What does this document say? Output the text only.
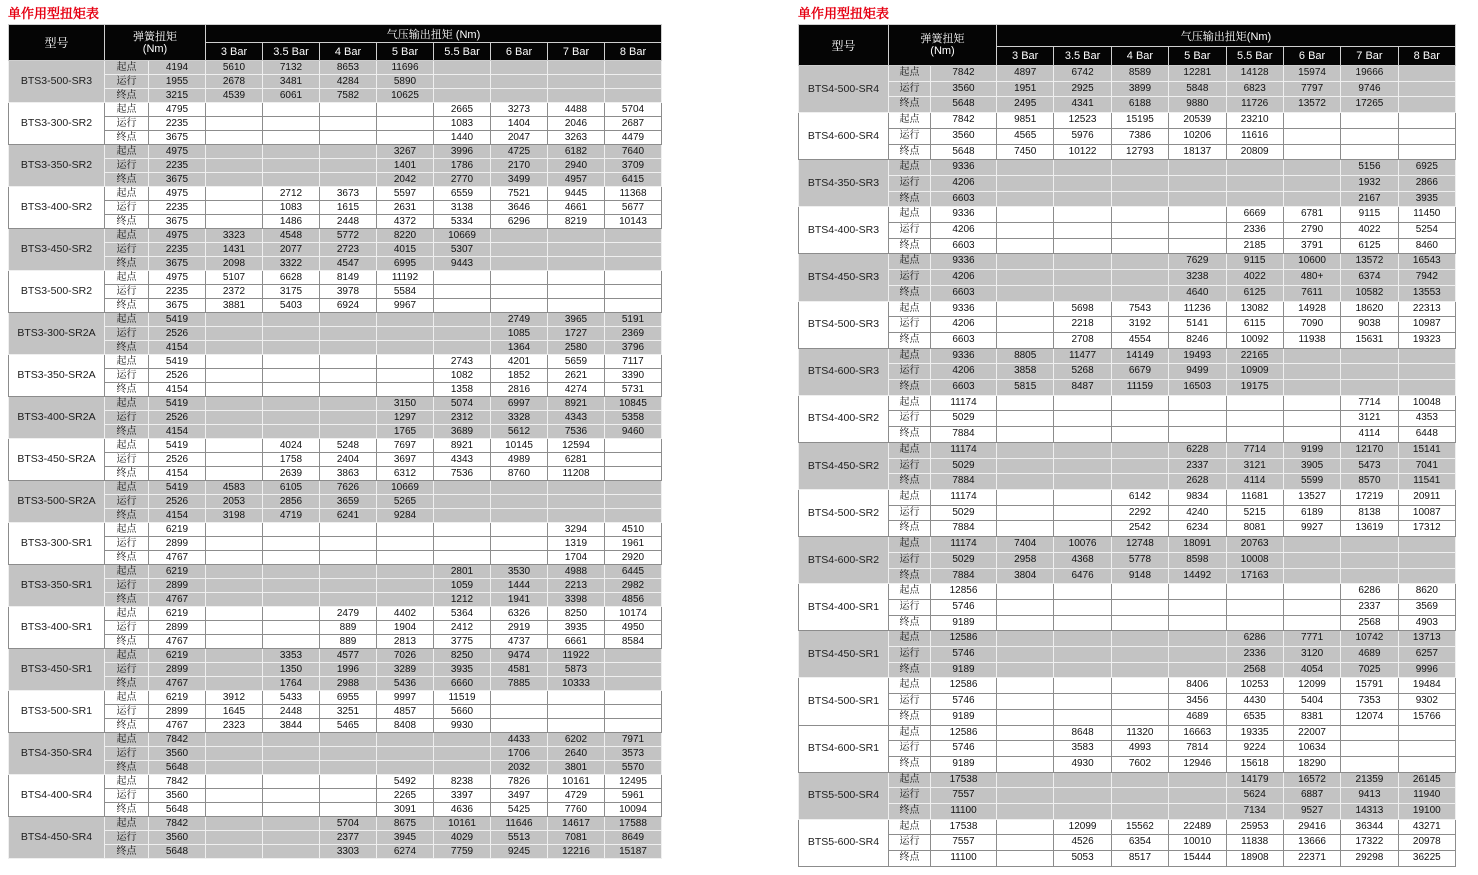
单作用型扭矩表
型号	弹簧扭矩
(Nm)		气压输出扭矩 (Nm)							
			3 Bar	3.5 Bar	4 Bar	5 Bar	5.5 Bar	6 Bar	7 Bar	8 Bar
BTS3-500-SR3	起点	4194	5610	7132	8653	11696				
	运行	1955	2678	3481	4284	5890				
	终点	3215	4539	6061	7582	10625				
BTS3-300-SR2	起点	4795					2665	3273	4488	5704
	运行	2235					1083	1404	2046	2687
	终点	3675					1440	2047	3263	4479
BTS3-350-SR2	起点	4975				3267	3996	4725	6182	7640
	运行	2235				1401	1786	2170	2940	3709
	终点	3675				2042	2770	3499	4957	6415
BTS3-400-SR2	起点	4975		2712	3673	5597	6559	7521	9445	11368
	运行	2235		1083	1615	2631	3138	3646	4661	5677
	终点	3675		1486	2448	4372	5334	6296	8219	10143
BTS3-450-SR2	起点	4975	3323	4548	5772	8220	10669			
	运行	2235	1431	2077	2723	4015	5307			
	终点	3675	2098	3322	4547	6995	9443			
BTS3-500-SR2	起点	4975	5107	6628	8149	11192				
	运行	2235	2372	3175	3978	5584				
	终点	3675	3881	5403	6924	9967				
BTS3-300-SR2A	起点	5419						2749	3965	5191
	运行	2526						1085	1727	2369
	终点	4154						1364	2580	3796
BTS3-350-SR2A	起点	5419					2743	4201	5659	7117
	运行	2526					1082	1852	2621	3390
	终点	4154					1358	2816	4274	5731
BTS3-400-SR2A	起点	5419				3150	5074	6997	8921	10845
	运行	2526				1297	2312	3328	4343	5358
	终点	4154				1765	3689	5612	7536	9460
BTS3-450-SR2A	起点	5419		4024	5248	7697	8921	10145	12594	
	运行	2526		1758	2404	3697	4343	4989	6281	
	终点	4154		2639	3863	6312	7536	8760	11208	
BTS3-500-SR2A	起点	5419	4583	6105	7626	10669				
	运行	2526	2053	2856	3659	5265				
	终点	4154	3198	4719	6241	9284				
BTS3-300-SR1	起点	6219							3294	4510
	运行	2899							1319	1961
	终点	4767							1704	2920
BTS3-350-SR1	起点	6219					2801	3530	4988	6445
	运行	2899					1059	1444	2213	2982
	终点	4767					1212	1941	3398	4856
BTS3-400-SR1	起点	6219			2479	4402	5364	6326	8250	10174
	运行	2899			889	1904	2412	2919	3935	4950
	终点	4767			889	2813	3775	4737	6661	8584
BTS3-450-SR1	起点	6219		3353	4577	7026	8250	9474	11922	
	运行	2899		1350	1996	3289	3935	4581	5873	
	终点	4767		1764	2988	5436	6660	7885	10333	
BTS3-500-SR1	起点	6219	3912	5433	6955	9997	11519			
	运行	2899	1645	2448	3251	4857	5660			
	终点	4767	2323	3844	5465	8408	9930			
BTS4-350-SR4	起点	7842						4433	6202	7971
	运行	3560						1706	2640	3573
	终点	5648						2032	3801	5570
BTS4-400-SR4	起点	7842				5492	8238	7826	10161	12495
	运行	3560				2265	3397	3497	4729	5961
	终点	5648				3091	4636	5425	7760	10094
BTS4-450-SR4	起点	7842			5704	8675	10161	11646	14617	17588
	运行	3560			2377	3945	4029	5513	7081	8649
	终点	5648			3303	6274	7759	9245	12216	15187
单作用型扭矩表
型号	弹簧扭矩
(Nm)		气压输出扭矩(Nm)							
			3 Bar	3.5 Bar	4 Bar	5 Bar	5.5 Bar	6 Bar	7 Bar	8 Bar
BTS4-500-SR4	起点	7842	4897	6742	8589	12281	14128	15974	19666	
	运行	3560	1951	2925	3899	5848	6823	7797	9746	
	终点	5648	2495	4341	6188	9880	11726	13572	17265	
BTS4-600-SR4	起点	7842	9851	12523	15195	20539	23210			
	运行	3560	4565	5976	7386	10206	11616			
	终点	5648	7450	10122	12793	18137	20809			
BTS4-350-SR3	起点	9336							5156	6925
	运行	4206							1932	2866
	终点	6603							2167	3935
BTS4-400-SR3	起点	9336					6669	6781	9115	11450
	运行	4206					2336	2790	4022	5254
	终点	6603					2185	3791	6125	8460
BTS4-450-SR3	起点	9336				7629	9115	10600	13572	16543
	运行	4206				3238	4022	480+	6374	7942
	终点	6603				4640	6125	7611	10582	13553
BTS4-500-SR3	起点	9336		5698	7543	11236	13082	14928	18620	22313
	运行	4206		2218	3192	5141	6115	7090	9038	10987
	终点	6603		2708	4554	8246	10092	11938	15631	19323
BTS4-600-SR3	起点	9336	8805	11477	14149	19493	22165			
	运行	4206	3858	5268	6679	9499	10909			
	终点	6603	5815	8487	11159	16503	19175			
BTS4-400-SR2	起点	11174							7714	10048
	运行	5029							3121	4353
	终点	7884							4114	6448
BTS4-450-SR2	起点	11174				6228	7714	9199	12170	15141
	运行	5029				2337	3121	3905	5473	7041
	终点	7884				2628	4114	5599	8570	11541
BTS4-500-SR2	起点	11174			6142	9834	11681	13527	17219	20911
	运行	5029			2292	4240	5215	6189	8138	10087
	终点	7884			2542	6234	8081	9927	13619	17312
BTS4-600-SR2	起点	11174	7404	10076	12748	18091	20763			
	运行	5029	2958	4368	5778	8598	10008			
	终点	7884	3804	6476	9148	14492	17163			
BTS4-400-SR1	起点	12856							6286	8620
	运行	5746							2337	3569
	终点	9189							2568	4903
BTS4-450-SR1	起点	12586					6286	7771	10742	13713
	运行	5746					2336	3120	4689	6257
	终点	9189					2568	4054	7025	9996
BTS4-500-SR1	起点	12586				8406	10253	12099	15791	19484
	运行	5746				3456	4430	5404	7353	9302
	终点	9189				4689	6535	8381	12074	15766
BTS4-600-SR1	起点	12586		8648	11320	16663	19335	22007		
	运行	5746		3583	4993	7814	9224	10634		
	终点	9189		4930	7602	12946	15618	18290		
BTS5-500-SR4	起点	17538					14179	16572	21359	26145
	运行	7557					5624	6887	9413	11940
	终点	11100					7134	9527	14313	19100
BTS5-600-SR4	起点	17538		12099	15562	22489	25953	29416	36344	43271
	运行	7557		4526	6354	10010	11838	13666	17322	20978
	终点	11100		5053	8517	15444	18908	22371	29298	36225
